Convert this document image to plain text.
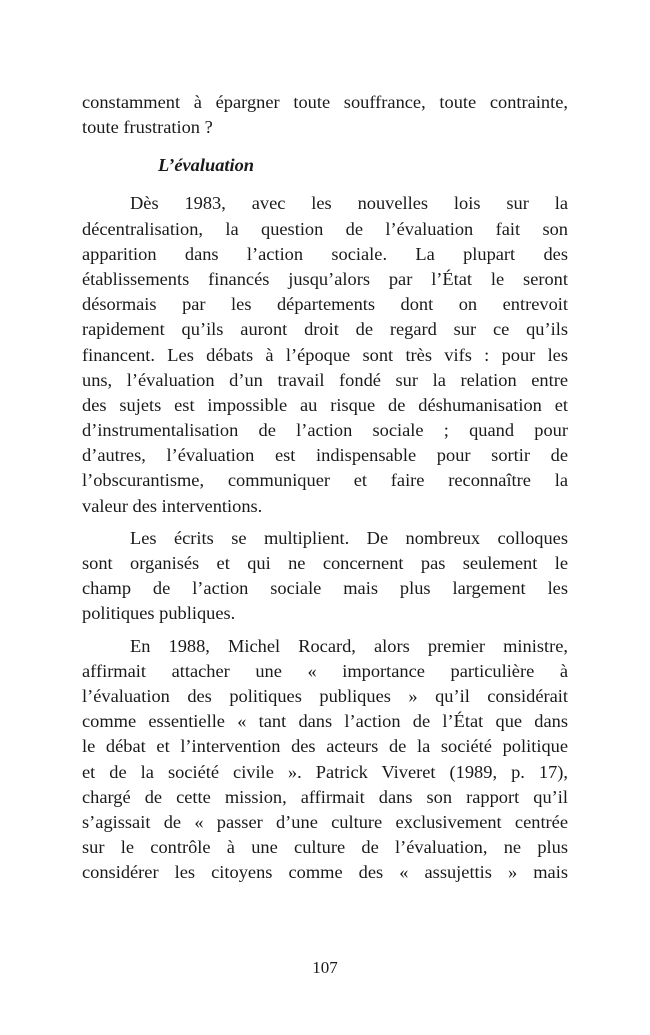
constamment à épargner toute souffrance, toute contrainte,
toute frustration ?
L’évaluation
Dès 1983, avec les nouvelles lois sur la
décentralisation, la question de l’évaluation fait son
apparition dans l’action sociale. La plupart des
établissements financés jusqu’alors par l’État le seront
désormais par les départements dont on entrevoit
rapidement qu’ils auront droit de regard sur ce qu’ils
financent. Les débats à l’époque sont très vifs : pour les
uns, l’évaluation d’un travail fondé sur la relation entre
des sujets est impossible au risque de déshumanisation et
d’instrumentalisation de l’action sociale ; quand pour
d’autres, l’évaluation est indispensable pour sortir de
l’obscurantisme, communiquer et faire reconnaître la
valeur des interventions.
Les écrits se multiplient. De nombreux colloques
sont organisés et qui ne concernent pas seulement le
champ de l’action sociale mais plus largement les
politiques publiques.
En 1988, Michel Rocard, alors premier ministre,
affirmait attacher une « importance particulière à
l’évaluation des politiques publiques » qu’il considérait
comme essentielle « tant dans l’action de l’État que dans
le débat et l’intervention des acteurs de la société politique
et de la société civile ». Patrick Viveret (1989, p. 17),
chargé de cette mission, affirmait dans son rapport qu’il
s’agissait de « passer d’une culture exclusivement centrée
sur le contrôle à une culture de l’évaluation, ne plus
considérer les citoyens comme des « assujettis » mais
107
